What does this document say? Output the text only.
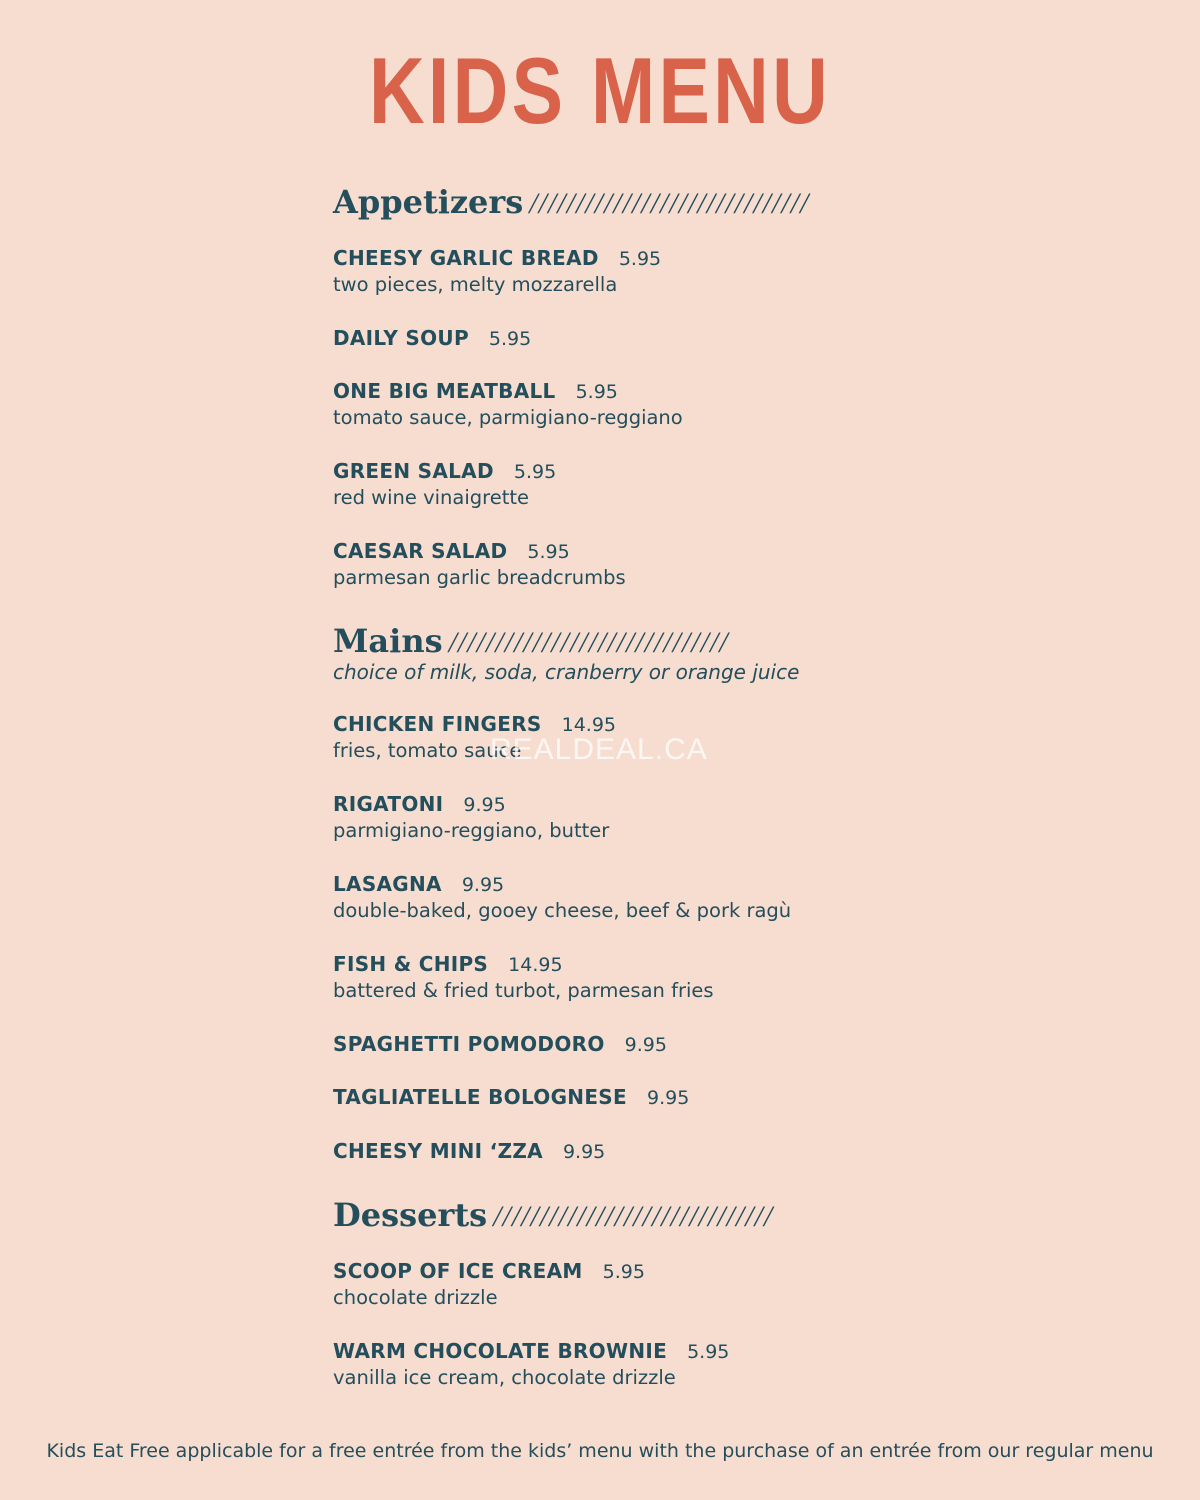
KIDS MENU
Appetizers //////////////////////////////
CHEESY GARLIC BREAD 5.95
two pieces, melty mozzarella
DAILY SOUP 5.95
ONE BIG MEATBALL 5.95
tomato sauce, parmigiano-reggiano
GREEN SALAD 5.95
red wine vinaigrette
CAESAR SALAD 5.95
parmesan garlic breadcrumbs
Mains //////////////////////////////
choice of milk, soda, cranberry or orange juice
CHICKEN FINGERS 14.95
fries, tomato sauce
RIGATONI 9.95
parmigiano-reggiano, butter
LASAGNA 9.95
double-baked, gooey cheese, beef & pork ragù
FISH & CHIPS 14.95
battered & fried turbot, parmesan fries
SPAGHETTI POMODORO 9.95
TAGLIATELLE BOLOGNESE 9.95
CHEESY MINI ‘ZZA 9.95
Desserts //////////////////////////////
SCOOP OF ICE CREAM 5.95
chocolate drizzle
WARM CHOCOLATE BROWNIE 5.95
vanilla ice cream, chocolate drizzle
REALDEAL.CA
Kids Eat Free applicable for a free entrée from the kids’ menu with the purchase of an entrée from our regular menu
